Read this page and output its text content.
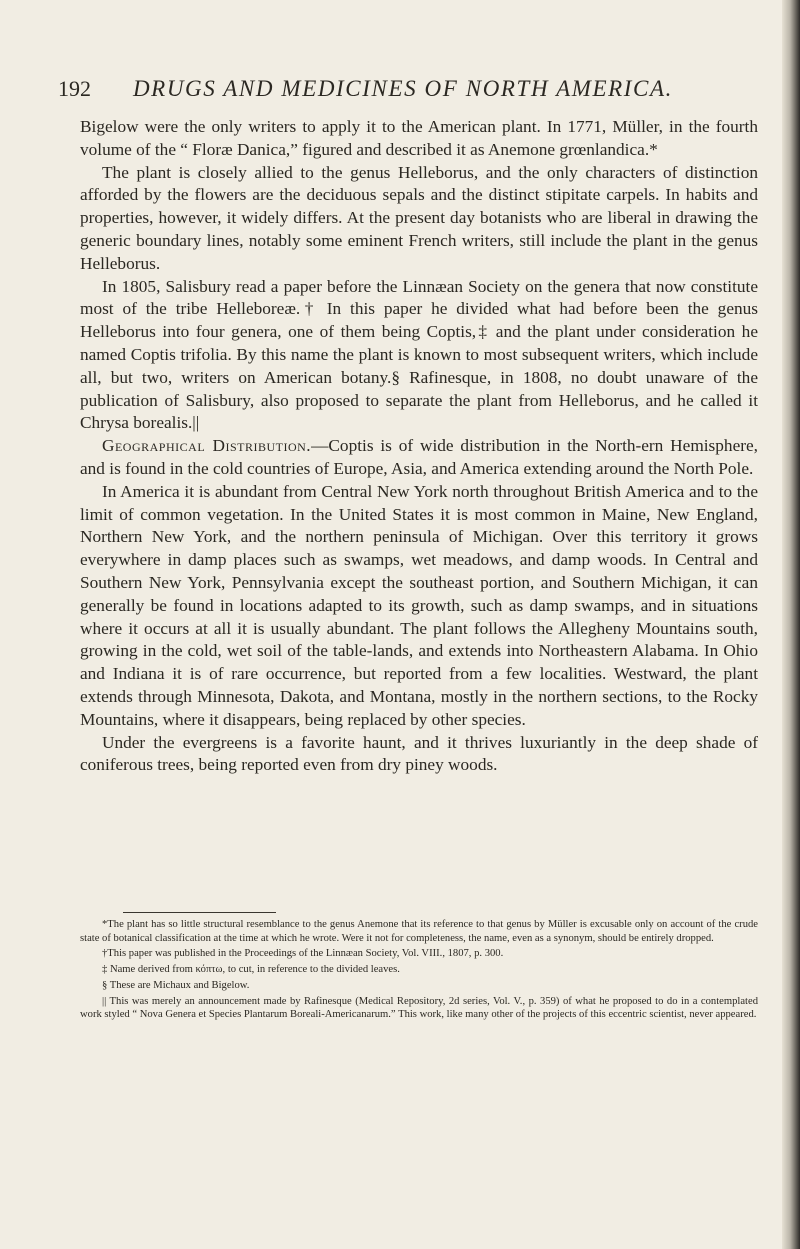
192	DRUGS AND MEDICINES OF NORTH AMERICA.

Bigelow were the only writers to apply it to the American plant. In 1771, Müller, in the fourth volume of the “ Floræ Danica,” figured and described it as Anemone grœnlandica.*

The plant is closely allied to the genus Helleborus, and the only characters of distinction afforded by the flowers are the deciduous sepals and the distinct stipitate carpels. In habits and properties, however, it widely differs. At the present day botanists who are liberal in drawing the generic boundary lines, notably some eminent French writers, still include the plant in the genus Helleborus.

In 1805, Salisbury read a paper before the Linnæan Society on the genera that now constitute most of the tribe Helleboreæ.† In this paper he divided what had before been the genus Helleborus into four genera, one of them being Coptis,‡ and the plant under consideration he named Coptis trifolia. By this name the plant is known to most subsequent writers, which include all, but two, writers on American botany.§ Rafinesque, in 1808, no doubt unaware of the publication of Salisbury, also proposed to separate the plant from Helleborus, and he called it Chrysa borealis.||

Geographical Distribution.—Coptis is of wide distribution in the North-ern Hemisphere, and is found in the cold countries of Europe, Asia, and America extending around the North Pole.

In America it is abundant from Central New York north throughout British America and to the limit of common vegetation. In the United States it is most common in Maine, New England, Northern New York, and the northern peninsula of Michigan. Over this territory it grows everywhere in damp places such as swamps, wet meadows, and damp woods. In Central and Southern New York, Pennsylvania except the southeast portion, and Southern Michigan, it can generally be found in locations adapted to its growth, such as damp swamps, and in situations where it occurs at all it is usually abundant. The plant follows the Allegheny Mountains south, growing in the cold, wet soil of the table-lands, and extends into Northeastern Alabama. In Ohio and Indiana it is of rare occurrence, but reported from a few localities. Westward, the plant extends through Minnesota, Dakota, and Montana, mostly in the northern sections, to the Rocky Mountains, where it disappears, being replaced by other species.

Under the evergreens is a favorite haunt, and it thrives luxuriantly in the deep shade of coniferous trees, being reported even from dry piney woods.

*The plant has so little structural resemblance to the genus Anemone that its reference to that genus by Müller is excusable only on account of the crude state of botanical classification at the time at which he wrote. Were it not for completeness, the name, even as a synonym, should be entirely dropped.

†This paper was published in the Proceedings of the Linnæan Society, Vol. VIII., 1807, p. 300.

‡ Name derived from κόπτω, to cut, in reference to the divided leaves.

§ These are Michaux and Bigelow.

|| This was merely an announcement made by Rafinesque (Medical Repository, 2d series, Vol. V., p. 359) of what he proposed to do in a contemplated work styled “ Nova Genera et Species Plantarum Boreali-Americanarum.” This work, like many other of the projects of this eccentric scientist, never appeared.
